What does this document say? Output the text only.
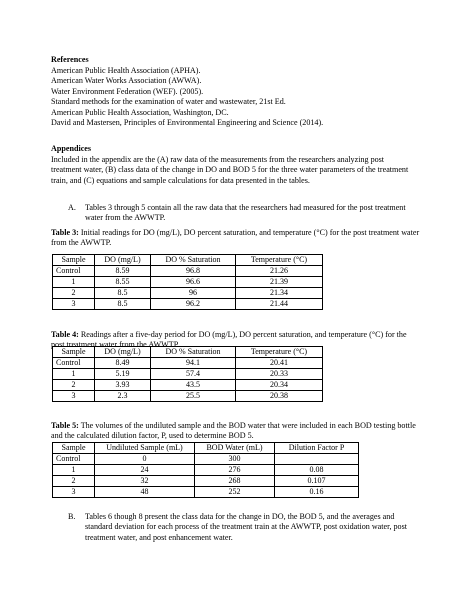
References
American Public Health Association (APHA).
American Water Works Association (AWWA).
Water Environment Federation (WEF). (2005).
Standard methods for the examination of water and wastewater, 21st Ed.
American Public Health Association, Washington, DC.
David and Mastersen, Principles of Environmental Engineering and Science (2014).
Appendices
Included in the appendix are the (A) raw data of the measurements from the researchers analyzing post treatment water, (B) class data of the change in DO and BOD 5 for the three water parameters of the treatment train, and (C) equations and sample calculations for data presented in the tables.
A.	Tables 3 through 5 contain all the raw data that the researchers had measured for the post treatment water from the AWWTP.
Table 3: Initial readings for DO (mg/L), DO percent saturation, and temperature (°C) for the post treatment water from the AWWTP.
Sample	DO (mg/L)	DO % Saturation	Temperature (°C)
Control	8.59	96.8	21.26
1	8.55	96.6	21.39
2	8.5	96	21.34
3	8.5	96.2	21.44
Table 4: Readings after a five-day period for DO (mg/L), DO percent saturation, and temperature (°C) for the post treatment water from the AWWTP.
Sample	DO (mg/L)	DO % Saturation	Temperature (°C)
Control	8.49	94.1	20.41
1	5.19	57.4	20.33
2	3.93	43.5	20.34
3	2.3	25.5	20.38
Table 5: The volumes of the undiluted sample and the BOD water that were included in each BOD testing bottle and the calculated dilution factor, P, used to determine BOD 5.
Sample	Undiluted Sample (mL)	BOD Water (mL)	Dilution Factor P
Control	0	300	
1	24	276	0.08
2	32	268	0.107
3	48	252	0.16
B.	Tables 6 though 8 present the class data for the change in DO, the BOD 5, and the averages and standard deviation for each process of the treatment train at the AWWTP, post oxidation water, post treatment water, and post enhancement water.
